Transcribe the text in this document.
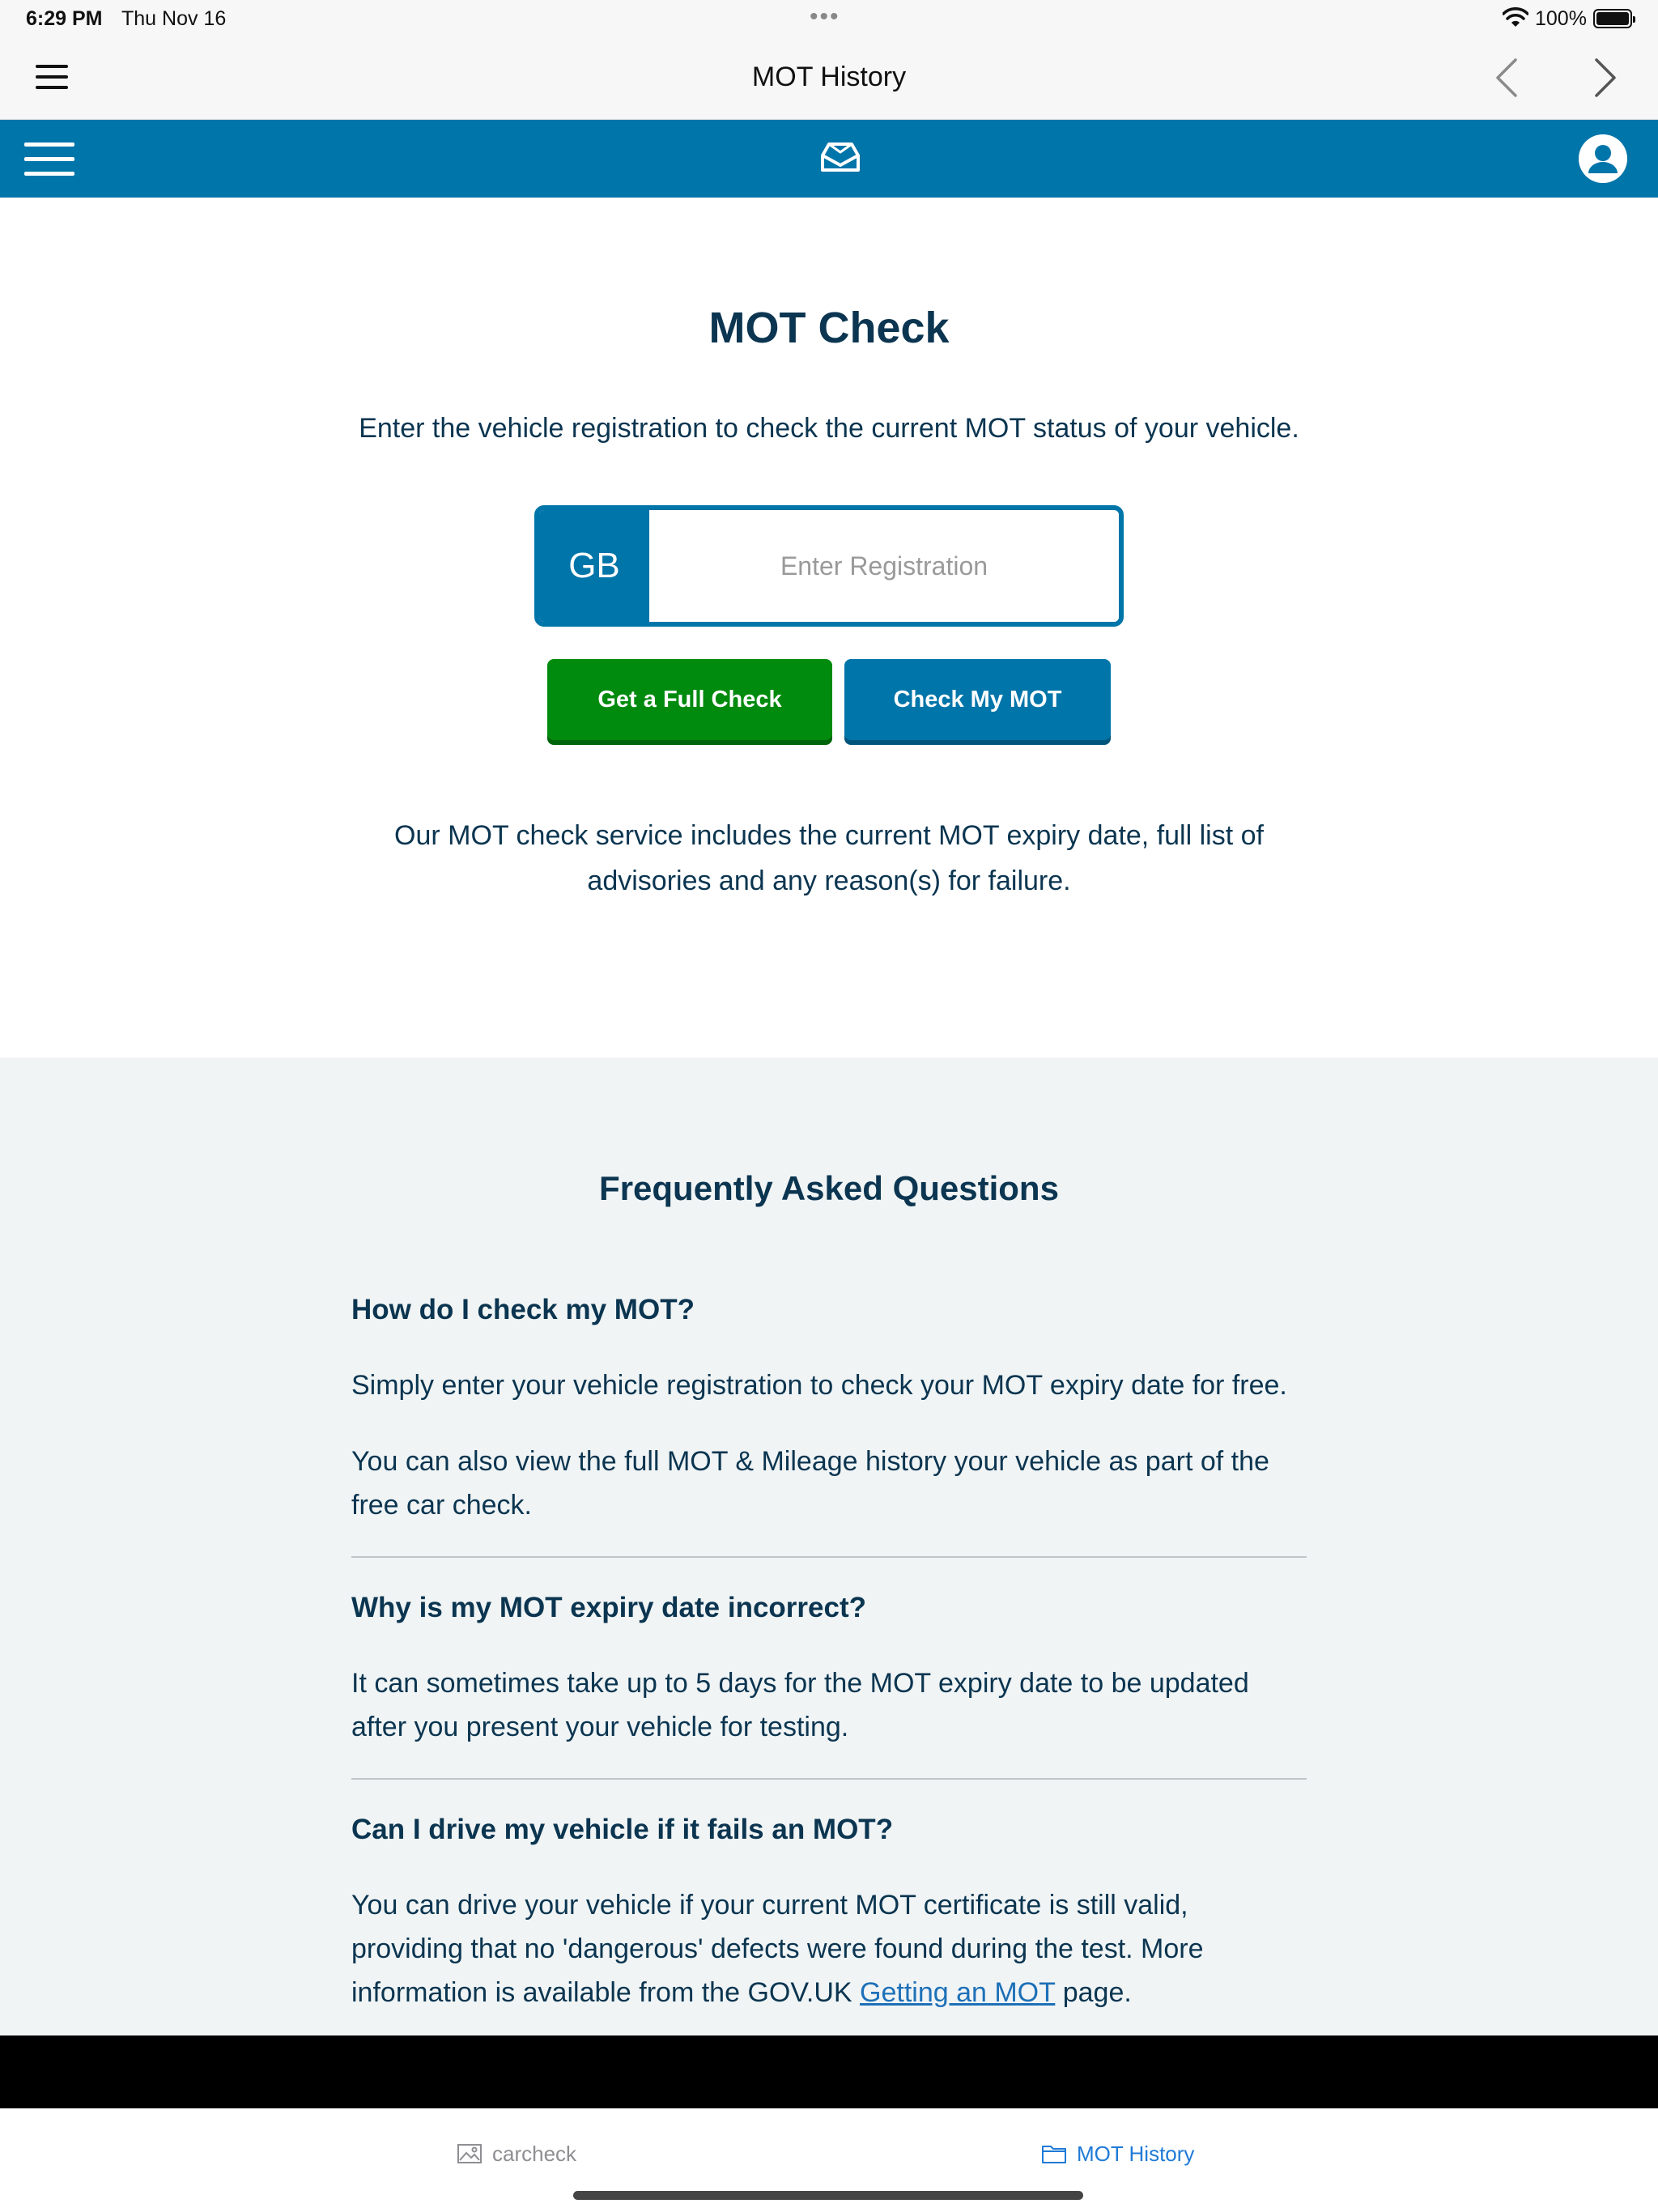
6:29 PM Thu Nov 16	•••	100%
MOT History
MOT Check

Enter the vehicle registration to check the current MOT status of your vehicle.

GB
Enter Registration
Get a Full Check	Check My MOT

Our MOT check service includes the current MOT expiry date, full list of advisories and any reason(s) for failure.

Frequently Asked Questions
How do I check my MOT?

Simply enter your vehicle registration to check your MOT expiry date for free.

You can also view the full MOT & Mileage history your vehicle as part of the free car check.

Why is my MOT expiry date incorrect?

It can sometimes take up to 5 days for the MOT expiry date to be updated after you present your vehicle for testing.

Can I drive my vehicle if it fails an MOT?

You can drive your vehicle if your current MOT certificate is still valid, providing that no 'dangerous' defects were found during the test. More information is available from the GOV.UK Getting an MOT page.

carcheck	MOT History
